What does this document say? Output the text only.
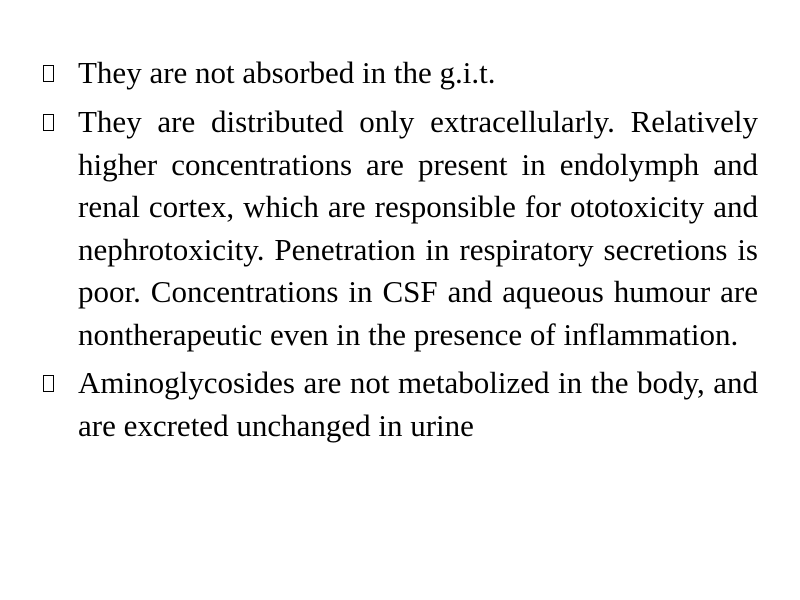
They are not absorbed in the g.i.t.

They are distributed only extracellularly. Relatively higher concentrations are present in endolymph and renal cortex, which are responsible for ototoxicity and nephrotoxicity. Penetration in respiratory secretions is poor. Concentrations in CSF and aqueous humour are nontherapeutic even in the presence of inflammation.

Aminoglycosides are not metabolized in the body, and are excreted unchanged in urine
